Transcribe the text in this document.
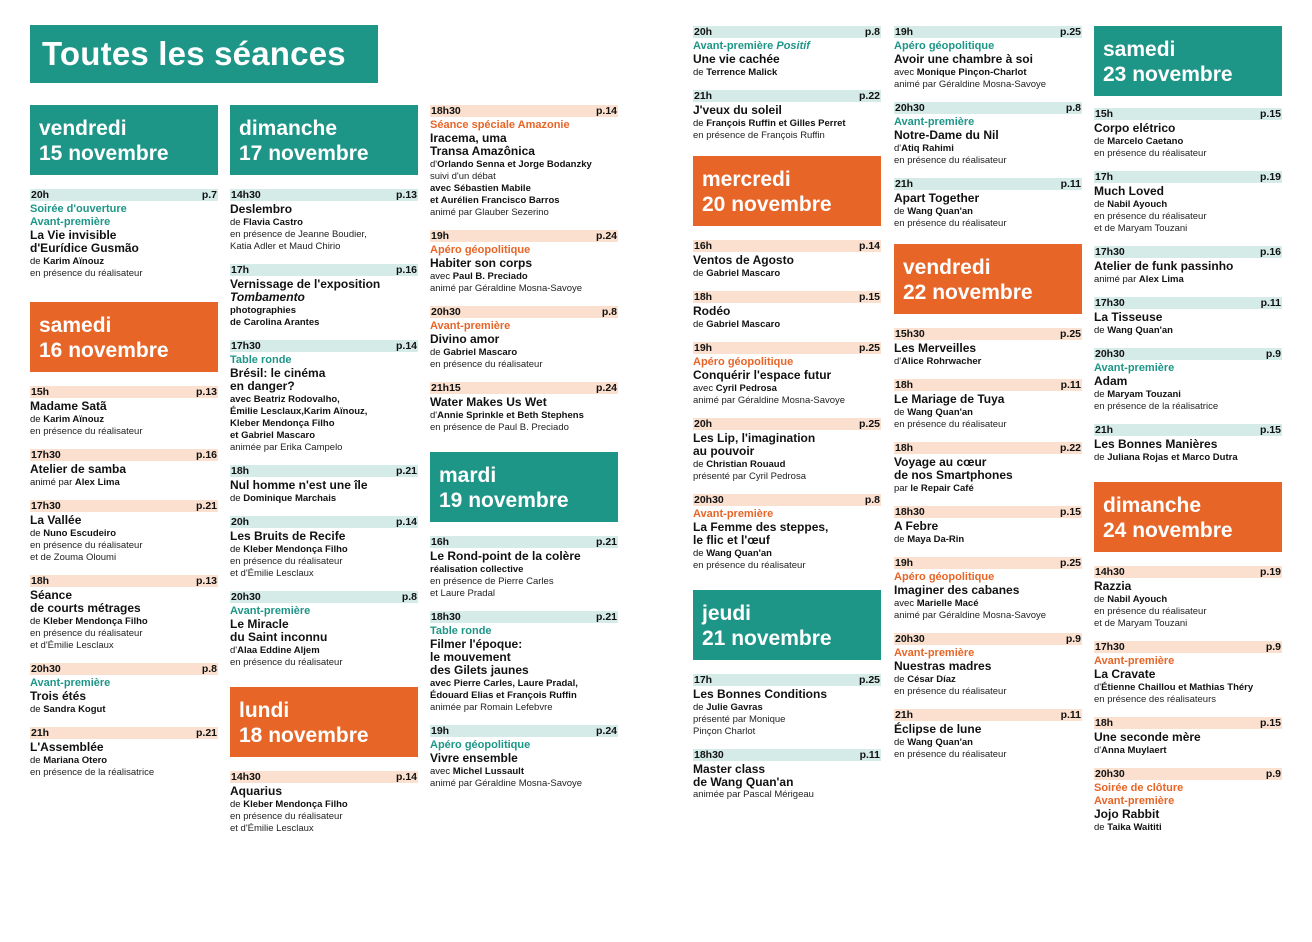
Toutes les séances
vendredi
15 novembre
20h	p.7
Soirée d'ouverture
Avant-première
La Vie invisible
d'Eurídice Gusmão
de Karim Aïnouz
en présence du réalisateur
samedi
16 novembre
15h	p.13
Madame Satã
de Karim Aïnouz
en présence du réalisateur
17h30	p.16
Atelier de samba
animé par Alex Lima
17h30	p.21
La Vallée
de Nuno Escudeiro
en présence du réalisateur
et de Zouma Oloumi
18h	p.13
Séance
de courts métrages
de Kleber Mendonça Filho
en présence du réalisateur
et d'Émilie Lesclaux
20h30	p.8
Avant-première
Trois étés
de Sandra Kogut
21h	p.21
L'Assemblée
de Mariana Otero
en présence de la réalisatrice
dimanche
17 novembre
14h30	p.13
Deslembro
de Flavia Castro
en présence de Jeanne Boudier,
Katia Adler et Maud Chirio
17h	p.16
Vernissage de l'exposition
Tombamento
photographies
de Carolina Arantes
17h30	p.14
Table ronde
Brésil: le cinéma
en danger?
avec Beatriz Rodovalho,
Émilie Lesclaux,Karim Aïnouz,
Kleber Mendonça Filho
et Gabriel Mascaro
animée par Erika Campelo
18h	p.21
Nul homme n'est une île
de Dominique Marchais
20h	p.14
Les Bruits de Recife
de Kleber Mendonça Filho
en présence du réalisateur
et d'Émilie Lesclaux
20h30	p.8
Avant-première
Le Miracle
du Saint inconnu
d'Alaa Eddine Aljem
en présence du réalisateur
lundi
18 novembre
14h30	p.14
Aquarius
de Kleber Mendonça Filho
en présence du réalisateur
et d'Émilie Lesclaux
18h30	p.14
Séance spéciale Amazonie
Iracema, uma
Transa Amazônica
d'Orlando Senna et Jorge Bodanzky
suivi d'un débat
avec Sébastien Mabile
et Aurélien Francisco Barros
animé par Glauber Sezerino
19h	p.24
Apéro géopolitique
Habiter son corps
avec Paul B. Preciado
animé par Géraldine Mosna-Savoye
20h30	p.8
Avant-première
Divino amor
de Gabriel Mascaro
en présence du réalisateur
21h15	p.24
Water Makes Us Wet
d'Annie Sprinkle et Beth Stephens
en présence de Paul B. Preciado
mardi
19 novembre
16h	p.21
Le Rond-point de la colère
réalisation collective
en présence de Pierre Carles
et Laure Pradal
18h30	p.21
Table ronde
Filmer l'époque:
le mouvement
des Gilets jaunes
avec Pierre Carles, Laure Pradal,
Édouard Elias et François Ruffin
animée par Romain Lefebvre
19h	p.24
Apéro géopolitique
Vivre ensemble
avec Michel Lussault
animé par Géraldine Mosna-Savoye
20h	p.8
Avant-première Positif
Une vie cachée
de Terrence Malick
21h	p.22
J'veux du soleil
de François Ruffin et Gilles Perret
en présence de François Ruffin
mercredi
20 novembre
16h	p.14
Ventos de Agosto
de Gabriel Mascaro
18h	p.15
Rodéo
de Gabriel Mascaro
19h	p.25
Apéro géopolitique
Conquérir l'espace futur
avec Cyril Pedrosa
animé par Géraldine Mosna-Savoye
20h	p.25
Les Lip, l'imagination
au pouvoir
de Christian Rouaud
présenté par Cyril Pedrosa
20h30	p.8
Avant-première
La Femme des steppes,
le flic et l'œuf
de Wang Quan'an
en présence du réalisateur
jeudi
21 novembre
17h	p.25
Les Bonnes Conditions
de Julie Gavras
présenté par Monique
Pinçon Charlot
18h30	p.11
Master class
de Wang Quan'an
animée par Pascal Mérigeau
19h	p.25
Apéro géopolitique
Avoir une chambre à soi
avec Monique Pinçon-Charlot
animé par Géraldine Mosna-Savoye
20h30	p.8
Avant-première
Notre-Dame du Nil
d'Atiq Rahimi
en présence du réalisateur
21h	p.11
Apart Together
de Wang Quan'an
en présence du réalisateur
vendredi
22 novembre
15h30	p.25
Les Merveilles
d'Alice Rohrwacher
18h	p.11
Le Mariage de Tuya
de Wang Quan'an
en présence du réalisateur
18h	p.22
Voyage au cœur
de nos Smartphones
par le Repair Café
18h30	p.15
A Febre
de Maya Da-Rin
19h	p.25
Apéro géopolitique
Imaginer des cabanes
avec Marielle Macé
animé par Géraldine Mosna-Savoye
20h30	p.9
Avant-première
Nuestras madres
de César Díaz
en présence du réalisateur
21h	p.11
Éclipse de lune
de Wang Quan'an
en présence du réalisateur
samedi
23 novembre
15h	p.15
Corpo elétrico
de Marcelo Caetano
en présence du réalisateur
17h	p.19
Much Loved
de Nabil Ayouch
en présence du réalisateur
et de Maryam Touzani
17h30	p.16
Atelier de funk passinho
animé par Alex Lima
17h30	p.11
La Tisseuse
de Wang Quan'an
20h30	p.9
Avant-première
Adam
de Maryam Touzani
en présence de la réalisatrice
21h	p.15
Les Bonnes Manières
de Juliana Rojas et Marco Dutra
dimanche
24 novembre
14h30	p.19
Razzia
de Nabil Ayouch
en présence du réalisateur
et de Maryam Touzani
17h30	p.9
Avant-première
La Cravate
d'Étienne Chaillou et Mathias Théry
en présence des réalisateurs
18h	p.15
Une seconde mère
d'Anna Muylaert
20h30	p.9
Soirée de clôture
Avant-première
Jojo Rabbit
de Taika Waititi
